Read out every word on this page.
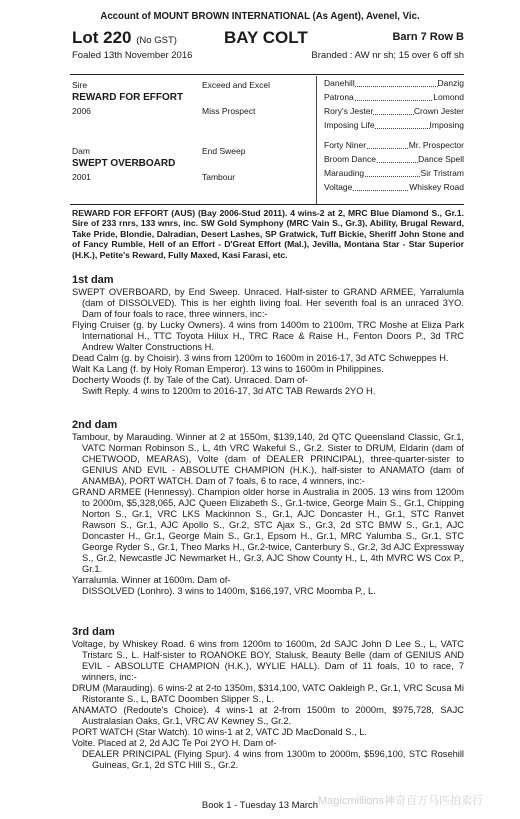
Account of MOUNT BROWN INTERNATIONAL (As Agent), Avenel, Vic.
Lot 220 (No GST)	BAY COLT	Barn 7 Row B
Foaled 13th November 2016	Branded : AW nr sh; 15 over 6 off sh
Sire	Exceed and Excel
REWARD FOR EFFORT
2006	Miss Prospect
Dam	End Sweep
SWEPT OVERBOARD
2001	Tambour
Danehill	Danzig
Patrona	Lomond
Rory's Jester	Crown Jester
Imposing Life	Imposing
Forty Niner	Mr. Prospector
Broom Dance	Dance Spell
Marauding	Sir Tristram
Voltage	Whiskey Road
REWARD FOR EFFORT (AUS) (Bay 2006-Stud 2011). 4 wins-2 at 2, MRC Blue Diamond S., Gr.1. Sire of 233 rnrs, 133 wnrs, inc. SW Gold Symphony (MRC Vain S., Gr.3), Ability, Brugal Reward, Take Pride, Blondie, Dalradian, Desert Lashes, SP Gratwick, Tuff Bickie, Sheriff John Stone and of Fancy Rumble, Hell of an Effort - D'Great Effort (Mal.), Jevilla, Montana Star - Star Superior (H.K.), Petite's Reward, Fully Maxed, Kasi Farasi, etc.
1st dam
SWEPT OVERBOARD, by End Sweep. Unraced. Half-sister to GRAND ARMEE, Yarralumla (dam of DISSOLVED). This is her eighth living foal. Her seventh foal is an unraced 3YO. Dam of four foals to race, three winners, inc:-
Flying Cruiser (g. by Lucky Owners). 4 wins from 1400m to 2100m, TRC Moshe at Eliza Park International H., TTC Toyota Hilux H., TRC Race & Raise H., Fenton Doors P., 3d TRC Andrew Walter Constructions H.
Dead Calm (g. by Choisir). 3 wins from 1200m to 1600m in 2016-17, 3d ATC Schweppes H.
Walt Ka Lang (f. by Holy Roman Emperor). 13 wins to 1600m in Philippines.
Docherty Woods (f. by Tale of the Cat). Unraced. Dam of-
Swift Reply. 4 wins to 1200m to 2016-17, 3d ATC TAB Rewards 2YO H.
2nd dam
Tambour, by Marauding. Winner at 2 at 1550m, $139,140, 2d QTC Queensland Classic, Gr.1, VATC Norman Robinson S., L, 4th VRC Wakeful S., Gr.2. Sister to DRUM, Eldarin (dam of CHETWOOD, MEARAS), Volte (dam of DEALER PRINCIPAL), three-quarter-sister to GENIUS AND EVIL - ABSOLUTE CHAMPION (H.K.), half-sister to ANAMATO (dam of ANAMBA), PORT WATCH. Dam of 7 foals, 6 to race, 4 winners, inc:-
GRAND ARMEE (Hennessy). Champion older horse in Australia in 2005. 13 wins from 1200m to 2000m, $5,328,065, AJC Queen Elizabeth S., Gr.1-twice, George Main S., Gr.1, Chipping Norton S., Gr.1, VRC LKS Mackinnon S., Gr.1, AJC Doncaster H., Gr.1, STC Ranvet Rawson S., Gr.1, AJC Apollo S., Gr.2, STC Ajax S., Gr.3, 2d STC BMW S., Gr.1, AJC Doncaster H., Gr.1, George Main S., Gr.1, Epsom H., Gr.1, MRC Yalumba S., Gr.1, STC George Ryder S., Gr.1, Theo Marks H., Gr.2-twice, Canterbury S., Gr.2, 3d AJC Expressway S., Gr.2, Newcastle JC Newmarket H., Gr.3, AJC Show County H., L, 4th MVRC WS Cox P., Gr.1.
Yarralumla. Winner at 1600m. Dam of-
DISSOLVED (Lonhro). 3 wins to 1400m, $166,197, VRC Moomba P., L.
3rd dam
Voltage, by Whiskey Road. 6 wins from 1200m to 1600m, 2d SAJC John D Lee S., L, VATC Tristarc S., L. Half-sister to ROANOKE BOY, Stalusk, Beauty Belle (dam of GENIUS AND EVIL - ABSOLUTE CHAMPION (H.K.), WYLIE HALL). Dam of 11 foals, 10 to race, 7 winners, inc:-
DRUM (Marauding). 6 wins-2 at 2-to 1350m, $314,100, VATC Oakleigh P., Gr.1, VRC Scusa Mi Ristorante S., L, BATC Doomben Slipper S., L.
ANAMATO (Redoute's Choice). 4 wins-1 at 2-from 1500m to 2000m, $975,728, SAJC Australasian Oaks, Gr.1, VRC AV Kewney S., Gr.2.
PORT WATCH (Star Watch). 10 wins-1 at 2, VATC JD MacDonald S., L.
Volte. Placed at 2, 2d AJC Te Poi 2YO H. Dam of-
DEALER PRINCIPAL (Flying Spur). 4 wins from 1300m to 2000m, $596,100, STC Rosehill Guineas, Gr.1, 2d STC Hill S., Gr.2.
Magicmillions神奇百万马匹拍卖行
Book 1 - Tuesday 13 March
